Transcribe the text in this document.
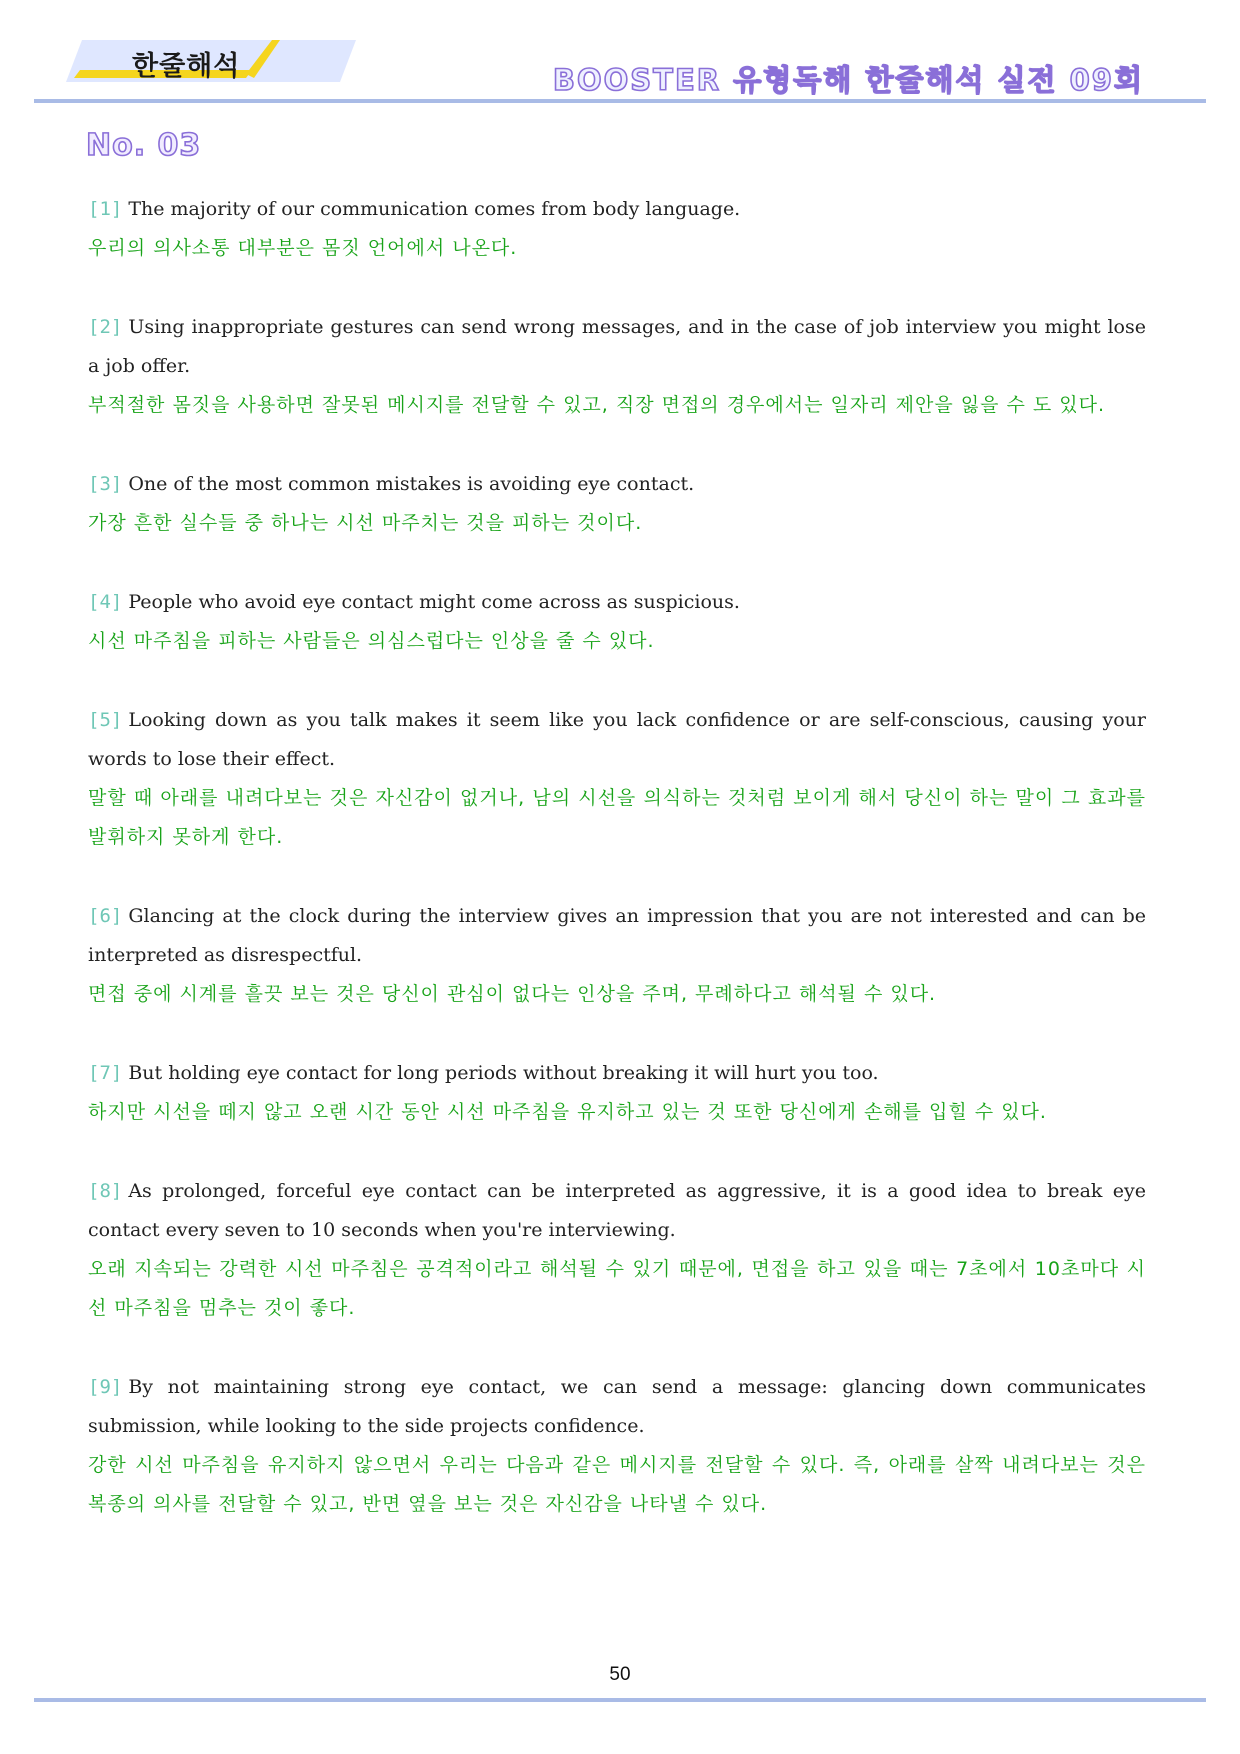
한줄해석	BOOSTER 유형독해 한줄해석 실전 09회
No. 03

[1] The majority of our communication comes from body language.

우리의 의사소통 대부분은 몸짓 언어에서 나온다.

[2] Using inappropriate gestures can send wrong messages, and in the case of job interview you might lose a job offer.

부적절한 몸짓을 사용하면 잘못된 메시지를 전달할 수 있고, 직장 면접의 경우에서는 일자리 제안을 잃을 수 도 있다.

[3] One of the most common mistakes is avoiding eye contact.

가장 흔한 실수들 중 하나는 시선 마주치는 것을 피하는 것이다.

[4] People who avoid eye contact might come across as suspicious.

시선 마주침을 피하는 사람들은 의심스럽다는 인상을 줄 수 있다.

[5] Looking down as you talk makes it seem like you lack confidence or are self-conscious, causing your words to lose their effect.

말할 때 아래를 내려다보는 것은 자신감이 없거나, 남의 시선을 의식하는 것처럼 보이게 해서 당신이 하는 말이 그 효과를 발휘하지 못하게 한다.

[6] Glancing at the clock during the interview gives an impression that you are not interested and can be interpreted as disrespectful.

면접 중에 시계를 흘끗 보는 것은 당신이 관심이 없다는 인상을 주며, 무례하다고 해석될 수 있다.

[7] But holding eye contact for long periods without breaking it will hurt you too.

하지만 시선을 떼지 않고 오랜 시간 동안 시선 마주침을 유지하고 있는 것 또한 당신에게 손해를 입힐 수 있다.

[8] As prolonged, forceful eye contact can be interpreted as aggressive, it is a good idea to break eye contact every seven to 10 seconds when you're interviewing.

오래 지속되는 강력한 시선 마주침은 공격적이라고 해석될 수 있기 때문에, 면접을 하고 있을 때는 7초에서 10초마다 시선 마주침을 멈추는 것이 좋다.

[9] By not maintaining strong eye contact, we can send a message: glancing down communicates submission, while looking to the side projects confidence.

강한 시선 마주침을 유지하지 않으면서 우리는 다음과 같은 메시지를 전달할 수 있다. 즉, 아래를 살짝 내려다보는 것은 복종의 의사를 전달할 수 있고, 반면 옆을 보는 것은 자신감을 나타낼 수 있다.

50
